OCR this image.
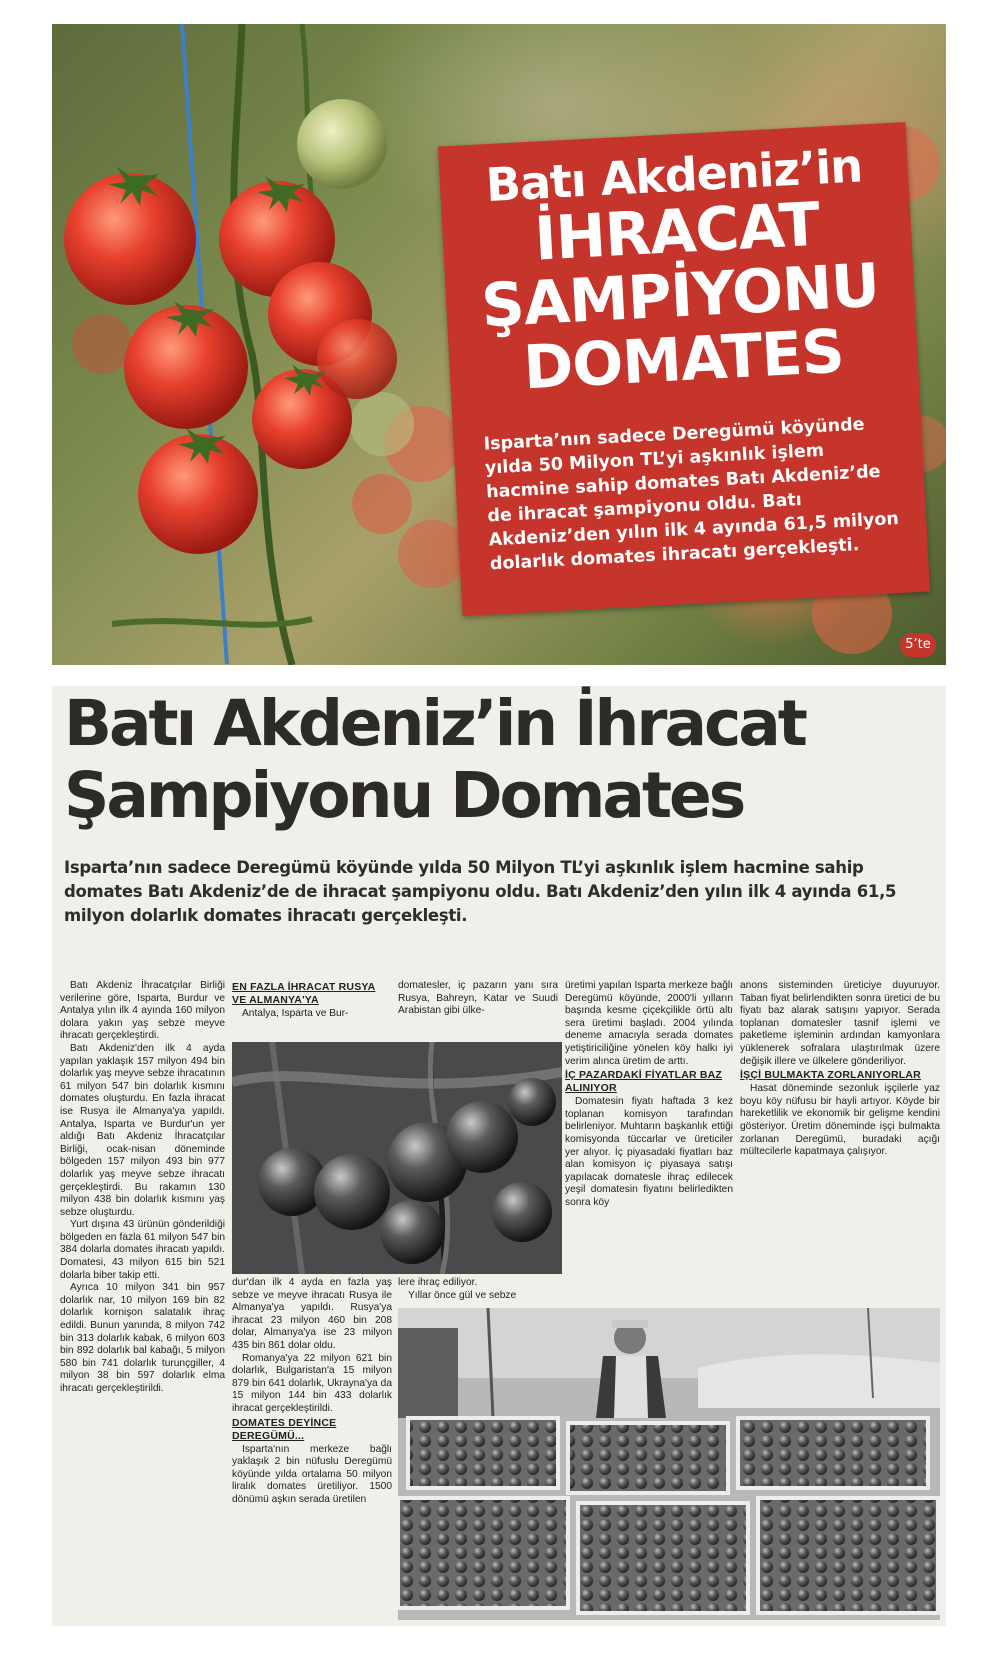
Batı Akdeniz’in
İHRACAT
ŞAMPİYONU
DOMATES
Isparta’nın sadece Deregümü köyünde yılda 50 Milyon TL’yi aşkınlık işlem hacmine sahip domates Batı Akdeniz’de de ihracat şampiyonu oldu. Batı Akdeniz’den yılın ilk 4 ayında 61,5 milyon dolarlık domates ihracatı gerçekleşti.
5’te
Batı Akdeniz’in İhracat
Şampiyonu Domates
Isparta’nın sadece Deregümü köyünde yılda 50 Milyon TL’yi aşkınlık işlem hacmine sahip domates Batı Akdeniz’de de ihracat şampiyonu oldu. Batı Akdeniz’den yılın ilk 4 ayında 61,5 milyon dolarlık domates ihracatı gerçekleşti.

Batı Akdeniz İhracatçılar Birliği verilerine göre, Isparta, Burdur ve Antalya yılın ilk 4 ayında 160 milyon dolara yakın yaş sebze meyve ihracatı gerçekleştirdi.

Batı Akdeniz'den ilk 4 ayda yapılan yaklaşık 157 milyon 494 bin dolarlık yaş meyve sebze ihracatının 61 milyon 547 bin dolarlık kısmını domates oluşturdu. En fazla ihracat ise Rusya ile Almanya'ya yapıldı. Antalya, Isparta ve Burdur'un yer aldığı Batı Akdeniz İhracatçılar Birliği, ocak-nisan döneminde bölgeden 157 milyon 493 bin 977 dolarlık yaş meyve sebze ihracatı gerçekleştirdi. Bu rakamın 130 milyon 438 bin dolarlık kısmını yaş sebze oluşturdu.

Yurt dışına 43 ürünün gönderildiği bölgeden en fazla 61 milyon 547 bin 384 dolarla domates ihracatı yapıldı. Domatesi, 43 milyon 615 bin 521 dolarla biber takip etti.

Ayrıca 10 milyon 341 bin 957 dolarlık nar, 10 milyon 169 bin 82 dolarlık kornişon salatalık ihraç edildi. Bunun yanında, 8 milyon 742 bin 313 dolarlık kabak, 6 milyon 603 bin 892 dolarlık bal kabağı, 5 milyon 580 bin 741 dolarlık turunçgiller, 4 milyon 38 bin 597 dolarlık elma ihracatı gerçekleştirildi.

EN FAZLA İHRACAT RUSYA VE ALMANYA'YA

Antalya, Isparta ve Bur-

dur'dan ilk 4 ayda en fazla yaş sebze ve meyve ihracatı Rusya ile Almanya'ya yapıldı. Rusya'ya ihracat 23 milyon 460 bin 208 dolar, Almanya'ya ise 23 milyon 435 bin 861 dolar oldu.

Romanya'ya 22 milyon 621 bin dolarlık, Bulgaristan'a 15 milyon 879 bin 641 dolarlık, Ukrayna'ya da 15 milyon 144 bin 433 dolarlık ihracat gerçekleştirildi.

DOMATES DEYİNCE DEREGÜMÜ...

Isparta'nın merkeze bağlı yaklaşık 2 bin nüfuslu Deregümü köyünde yılda ortalama 50 milyon liralık domates üretiliyor. 1500 dönümü aşkın serada üretilen

domatesler, iç pazarın yanı sıra Rusya, Bahreyn, Katar ve Suudi Arabistan gibi ülke-

lere ihraç ediliyor.

Yıllar önce gül ve sebze

üretimi yapılan Isparta merkeze bağlı Deregümü köyünde, 2000'li yılların başında kesme çiçekçilikle örtü altı sera üretimi başladı. 2004 yılında deneme amacıyla serada domates yetiştiriciliğine yönelen köy halkı iyi verim alınca üretim de arttı.

İÇ PAZARDAKİ FİYATLAR BAZ ALINIYOR

Domatesin fiyatı haftada 3 kez toplanan komisyon tarafından belirleniyor. Muhtarın başkanlık ettiği komisyonda tüccarlar ve üreticiler yer alıyor. İç piyasadaki fiyatları baz alan komisyon iç piyasaya satışı yapılacak domatesle ihraç edilecek yeşil domatesin fiyatını belirledikten sonra köy

anons sisteminden üreticiye duyuruyor. Taban fiyat belirlendikten sonra üretici de bu fiyatı baz alarak satışını yapıyor. Serada toplanan domatesler tasnif işlemi ve paketleme işleminin ardından kamyonlara yüklenerek sofralara ulaştırılmak üzere değişik illere ve ülkelere gönderiliyor.

İŞÇİ BULMAKTA ZORLANIYORLAR

Hasat döneminde sezonluk işçilerle yaz boyu köy nüfusu bir hayli artıyor. Köyde bir hareketlilik ve ekonomik bir gelişme kendini gösteriyor. Üretim döneminde işçi bulmakta zorlanan Deregümü, buradaki açığı mültecilerle kapatmaya çalışıyor.
